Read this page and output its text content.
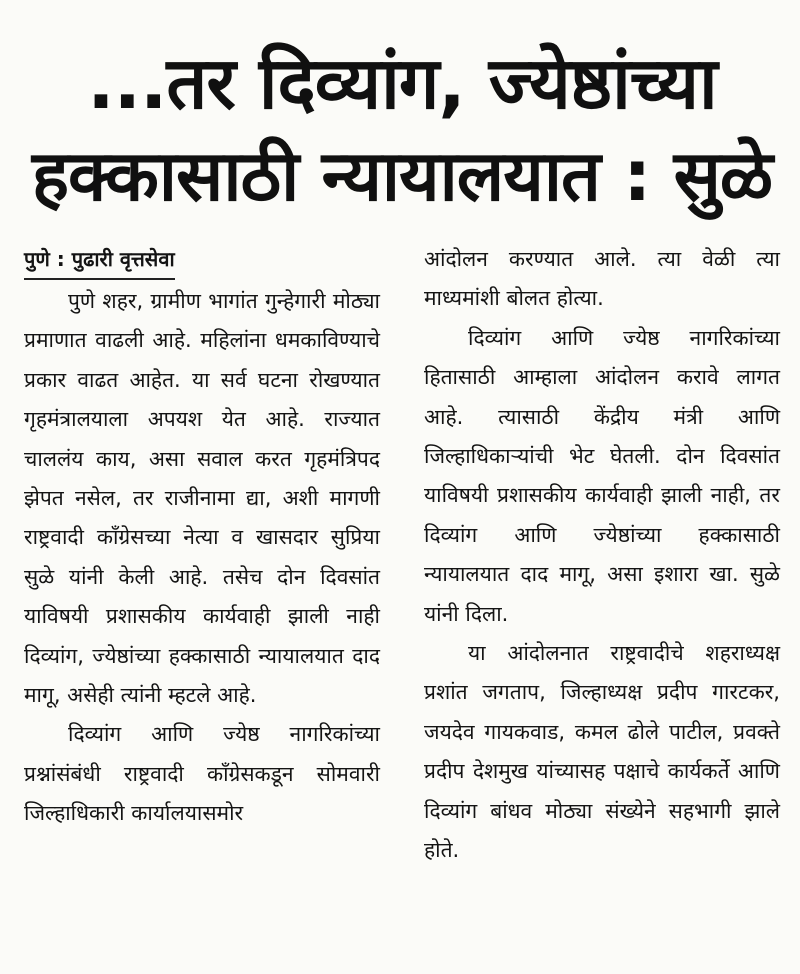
...तर दिव्यांग, ज्येष्ठांच्या
हक्कासाठी न्यायालयात : सुळे
पुणे : पुढारी वृत्तसेवा

पुणे शहर, ग्रामीण भागांत गुन्हेगारी मोठ्या प्रमाणात वाढली आहे. महिलांना धमकाविण्याचे प्रकार वाढत आहेत. या सर्व घटना रोखण्यात गृहमंत्रालयाला अपयश येत आहे. राज्यात चाललंय काय, असा सवाल करत गृहमंत्रिपद झेपत नसेल, तर राजीनामा द्या, अशी मागणी राष्ट्रवादी काँग्रेसच्या नेत्या व खासदार सुप्रिया सुळे यांनी केली आहे. तसेच दोन दिवसांत याविषयी प्रशासकीय कार्यवाही झाली नाही दिव्यांग, ज्येष्ठांच्या हक्कासाठी न्यायालयात दाद मागू, असेही त्यांनी म्हटले आहे.

दिव्यांग आणि ज्येष्ठ नागरिकांच्या प्रश्नांसंबंधी राष्ट्रवादी काँग्रेसकडून सोमवारी जिल्हाधिकारी कार्यालयासमोर

आंदोलन करण्यात आले. त्या वेळी त्या माध्यमांशी बोलत होत्या.

दिव्यांग आणि ज्येष्ठ नागरिकांच्या हितासाठी आम्हाला आंदोलन करावे लागत आहे. त्यासाठी केंद्रीय मंत्री आणि जिल्हाधिकाऱ्यांची भेट घेतली. दोन दिवसांत याविषयी प्रशासकीय कार्यवाही झाली नाही, तर दिव्यांग आणि ज्येष्ठांच्या हक्कासाठी न्यायालयात दाद मागू, असा इशारा खा. सुळे यांनी दिला.

या आंदोलनात राष्ट्रवादीचे शहराध्यक्ष प्रशांत जगताप, जिल्हाध्यक्ष प्रदीप गारटकर, जयदेव गायकवाड, कमल ढोले पाटील, प्रवक्ते प्रदीप देशमुख यांच्यासह पक्षाचे कार्यकर्ते आणि दिव्यांग बांधव मोठ्या संख्येने सहभागी झाले होते.
